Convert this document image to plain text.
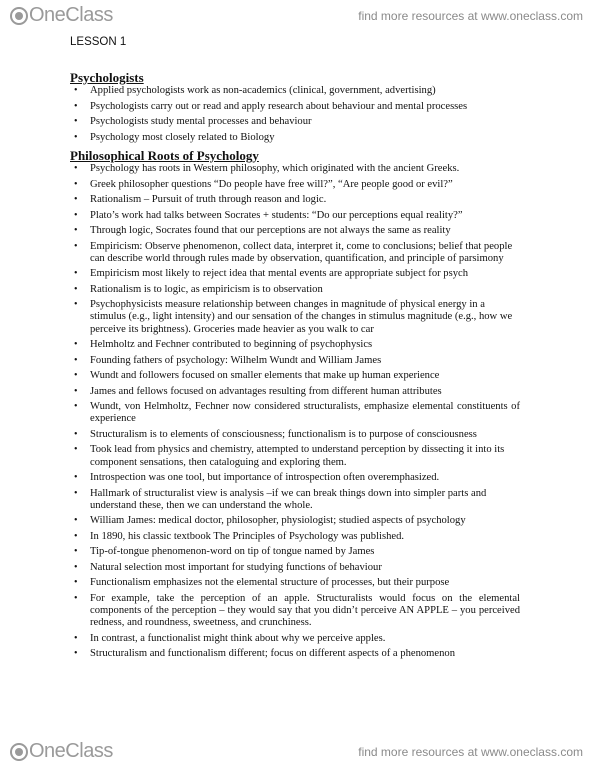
OneClass	find more resources at www.oneclass.com
LESSON 1

Psychologists

• Applied psychologists work as non-academics (clinical, government, advertising)
• Psychologists carry out or read and apply research about behaviour and mental processes
• Psychologists study mental processes and behaviour
• Psychology most closely related to Biology

Philosophical Roots of Psychology

• Psychology has roots in Western philosophy, which originated with the ancient Greeks.
• Greek philosopher questions “Do people have free will?”, “Are people good or evil?”
• Rationalism – Pursuit of truth through reason and logic.
• Plato’s work had talks between Socrates + students: “Do our perceptions equal reality?”
• Through logic, Socrates found that our perceptions are not always the same as reality
• Empiricism: Observe phenomenon, collect data, interpret it, come to conclusions; belief that people can describe world through rules made by observation, quantification, and principle of parsimony
• Empiricism most likely to reject idea that mental events are appropriate subject for psych
• Rationalism is to logic, as empiricism is to observation
• Psychophysicists measure relationship between changes in magnitude of physical energy in a stimulus (e.g., light intensity) and our sensation of the changes in stimulus magnitude (e.g., how we perceive its brightness). Groceries made heavier as you walk to car
• Helmholtz and Fechner contributed to beginning of psychophysics
• Founding fathers of psychology: Wilhelm Wundt and William James
• Wundt and followers focused on smaller elements that make up human experience
• James and fellows focused on advantages resulting from different human attributes
• Wundt, von Helmholtz, Fechner now considered structuralists, emphasize elemental constituents of experience
• Structuralism is to elements of consciousness; functionalism is to purpose of consciousness
• Took lead from physics and chemistry, attempted to understand perception by dissecting it into its component sensations, then cataloguing and exploring them.
• Introspection was one tool, but importance of introspection often overemphasized.
• Hallmark of structuralist view is analysis –if we can break things down into simpler parts and understand these, then we can understand the whole.
• William James: medical doctor, philosopher, physiologist; studied aspects of psychology
• In 1890, his classic textbook The Principles of Psychology was published.
• Tip-of-tongue phenomenon-word on tip of tongue named by James
• Natural selection most important for studying functions of behaviour
• Functionalism emphasizes not the elemental structure of processes, but their purpose
• For example, take the perception of an apple. Structuralists would focus on the elemental components of the perception – they would say that you didn’t perceive AN APPLE – you perceived redness, and roundness, sweetness, and crunchiness.
• In contrast, a functionalist might think about why we perceive apples.
• Structuralism and functionalism different; focus on different aspects of a phenomenon
OneClass	find more resources at www.oneclass.com
